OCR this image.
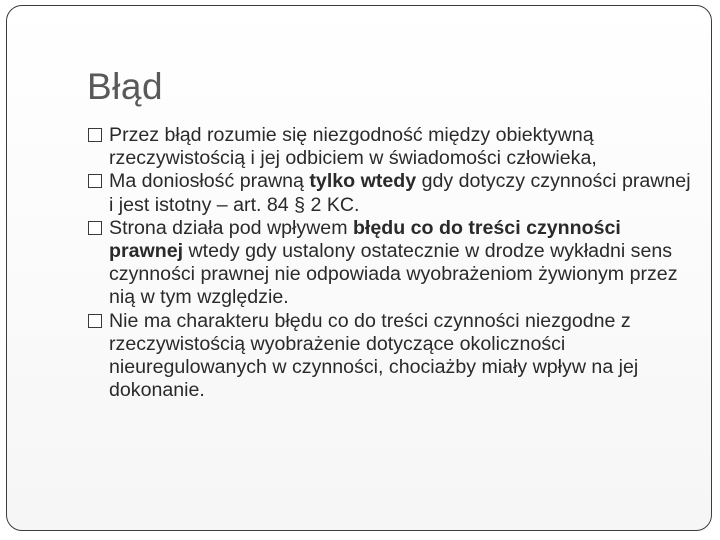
Błąd
Przez błąd rozumie się niezgodność między obiektywną rzeczywistością i jej odbiciem w świadomości człowieka,
Ma doniosłość prawną tylko wtedy gdy dotyczy czynności prawnej i jest istotny – art. 84 § 2 KC.
Strona działa pod wpływem błędu co do treści czynności prawnej wtedy gdy ustalony ostatecznie w drodze wykładni sens czynności prawnej nie odpowiada wyobrażeniom żywionym przez nią w tym względzie.
Nie ma charakteru błędu co do treści czynności niezgodne z rzeczywistością wyobrażenie dotyczące okoliczności nieuregulowanych w czynności, chociażby miały wpływ na jej dokonanie.
